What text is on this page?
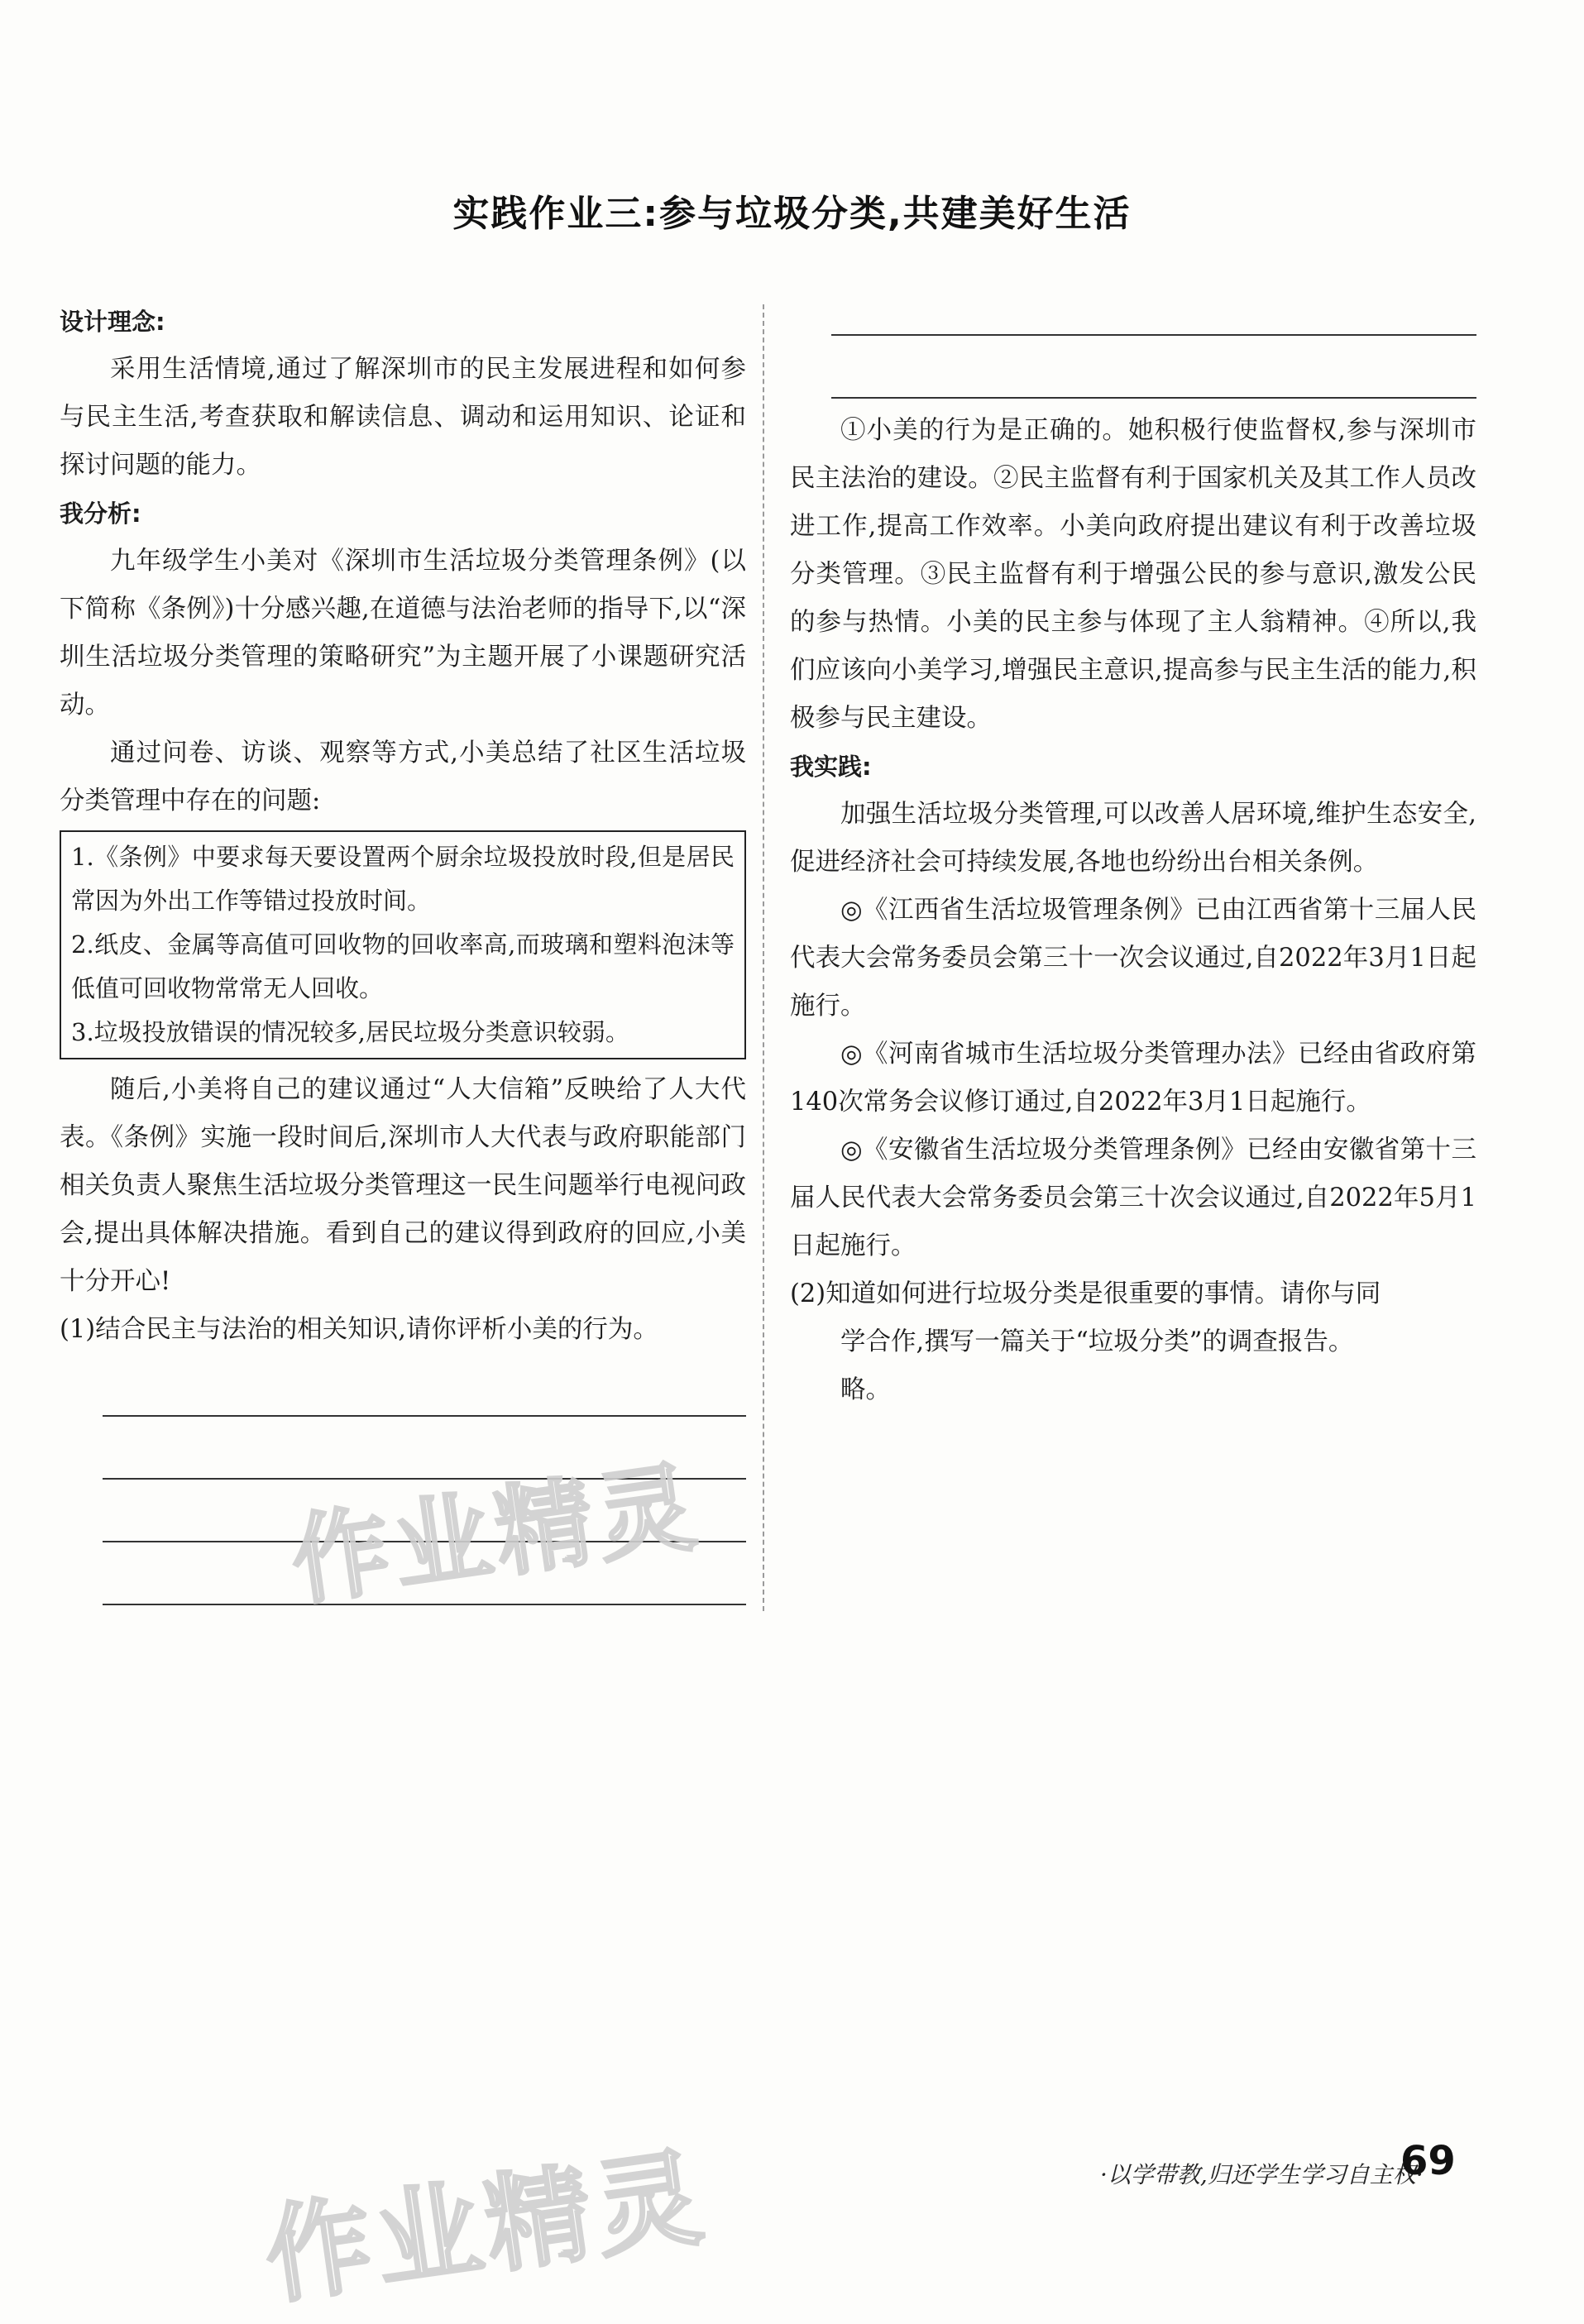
实践作业三:参与垃圾分类,共建美好生活
设计理念:

采用生活情境,通过了解深圳市的民主发展进程和如何参与民主生活,考查获取和解读信息、调动和运用知识、论证和探讨问题的能力。

我分析:

九年级学生小美对《深圳市生活垃圾分类管理条例》(以下简称《条例》)十分感兴趣,在道德与法治老师的指导下,以“深圳生活垃圾分类管理的策略研究”为主题开展了小课题研究活动。

通过问卷、访谈、观察等方式,小美总结了社区生活垃圾分类管理中存在的问题:

1.《条例》中要求每天要设置两个厨余垃圾投放时段,但是居民常因为外出工作等错过投放时间。
2.纸皮、金属等高值可回收物的回收率高,而玻璃和塑料泡沫等低值可回收物常常无人回收。
3.垃圾投放错误的情况较多,居民垃圾分类意识较弱。

随后,小美将自己的建议通过“人大信箱”反映给了人大代表。《条例》实施一段时间后,深圳市人大代表与政府职能部门相关负责人聚焦生活垃圾分类管理这一民生问题举行电视问政会,提出具体解决措施。看到自己的建议得到政府的回应,小美十分开心!

(1)结合民主与法治的相关知识,请你评析小美的行为。

①小美的行为是正确的。她积极行使监督权,参与深圳市民主法治的建设。②民主监督有利于国家机关及其工作人员改进工作,提高工作效率。小美向政府提出建议有利于改善垃圾分类管理。③民主监督有利于增强公民的参与意识,激发公民的参与热情。小美的民主参与体现了主人翁精神。④所以,我们应该向小美学习,增强民主意识,提高参与民主生活的能力,积极参与民主建设。

我实践:

加强生活垃圾分类管理,可以改善人居环境,维护生态安全,促进经济社会可持续发展,各地也纷纷出台相关条例。

◎《江西省生活垃圾管理条例》已由江西省第十三届人民代表大会常务委员会第三十一次会议通过,自2022年3月1日起施行。

◎《河南省城市生活垃圾分类管理办法》已经由省政府第140次常务会议修订通过,自2022年3月1日起施行。

◎《安徽省生活垃圾分类管理条例》已经由安徽省第十三届人民代表大会常务委员会第三十次会议通过,自2022年5月1日起施行。

(2)知道如何进行垃圾分类是很重要的事情。请你与同

学合作,撰写一篇关于“垃圾分类”的调查报告。

略。

作业精灵
作业精灵	·以学带教,归还学生学习自主权·
69
